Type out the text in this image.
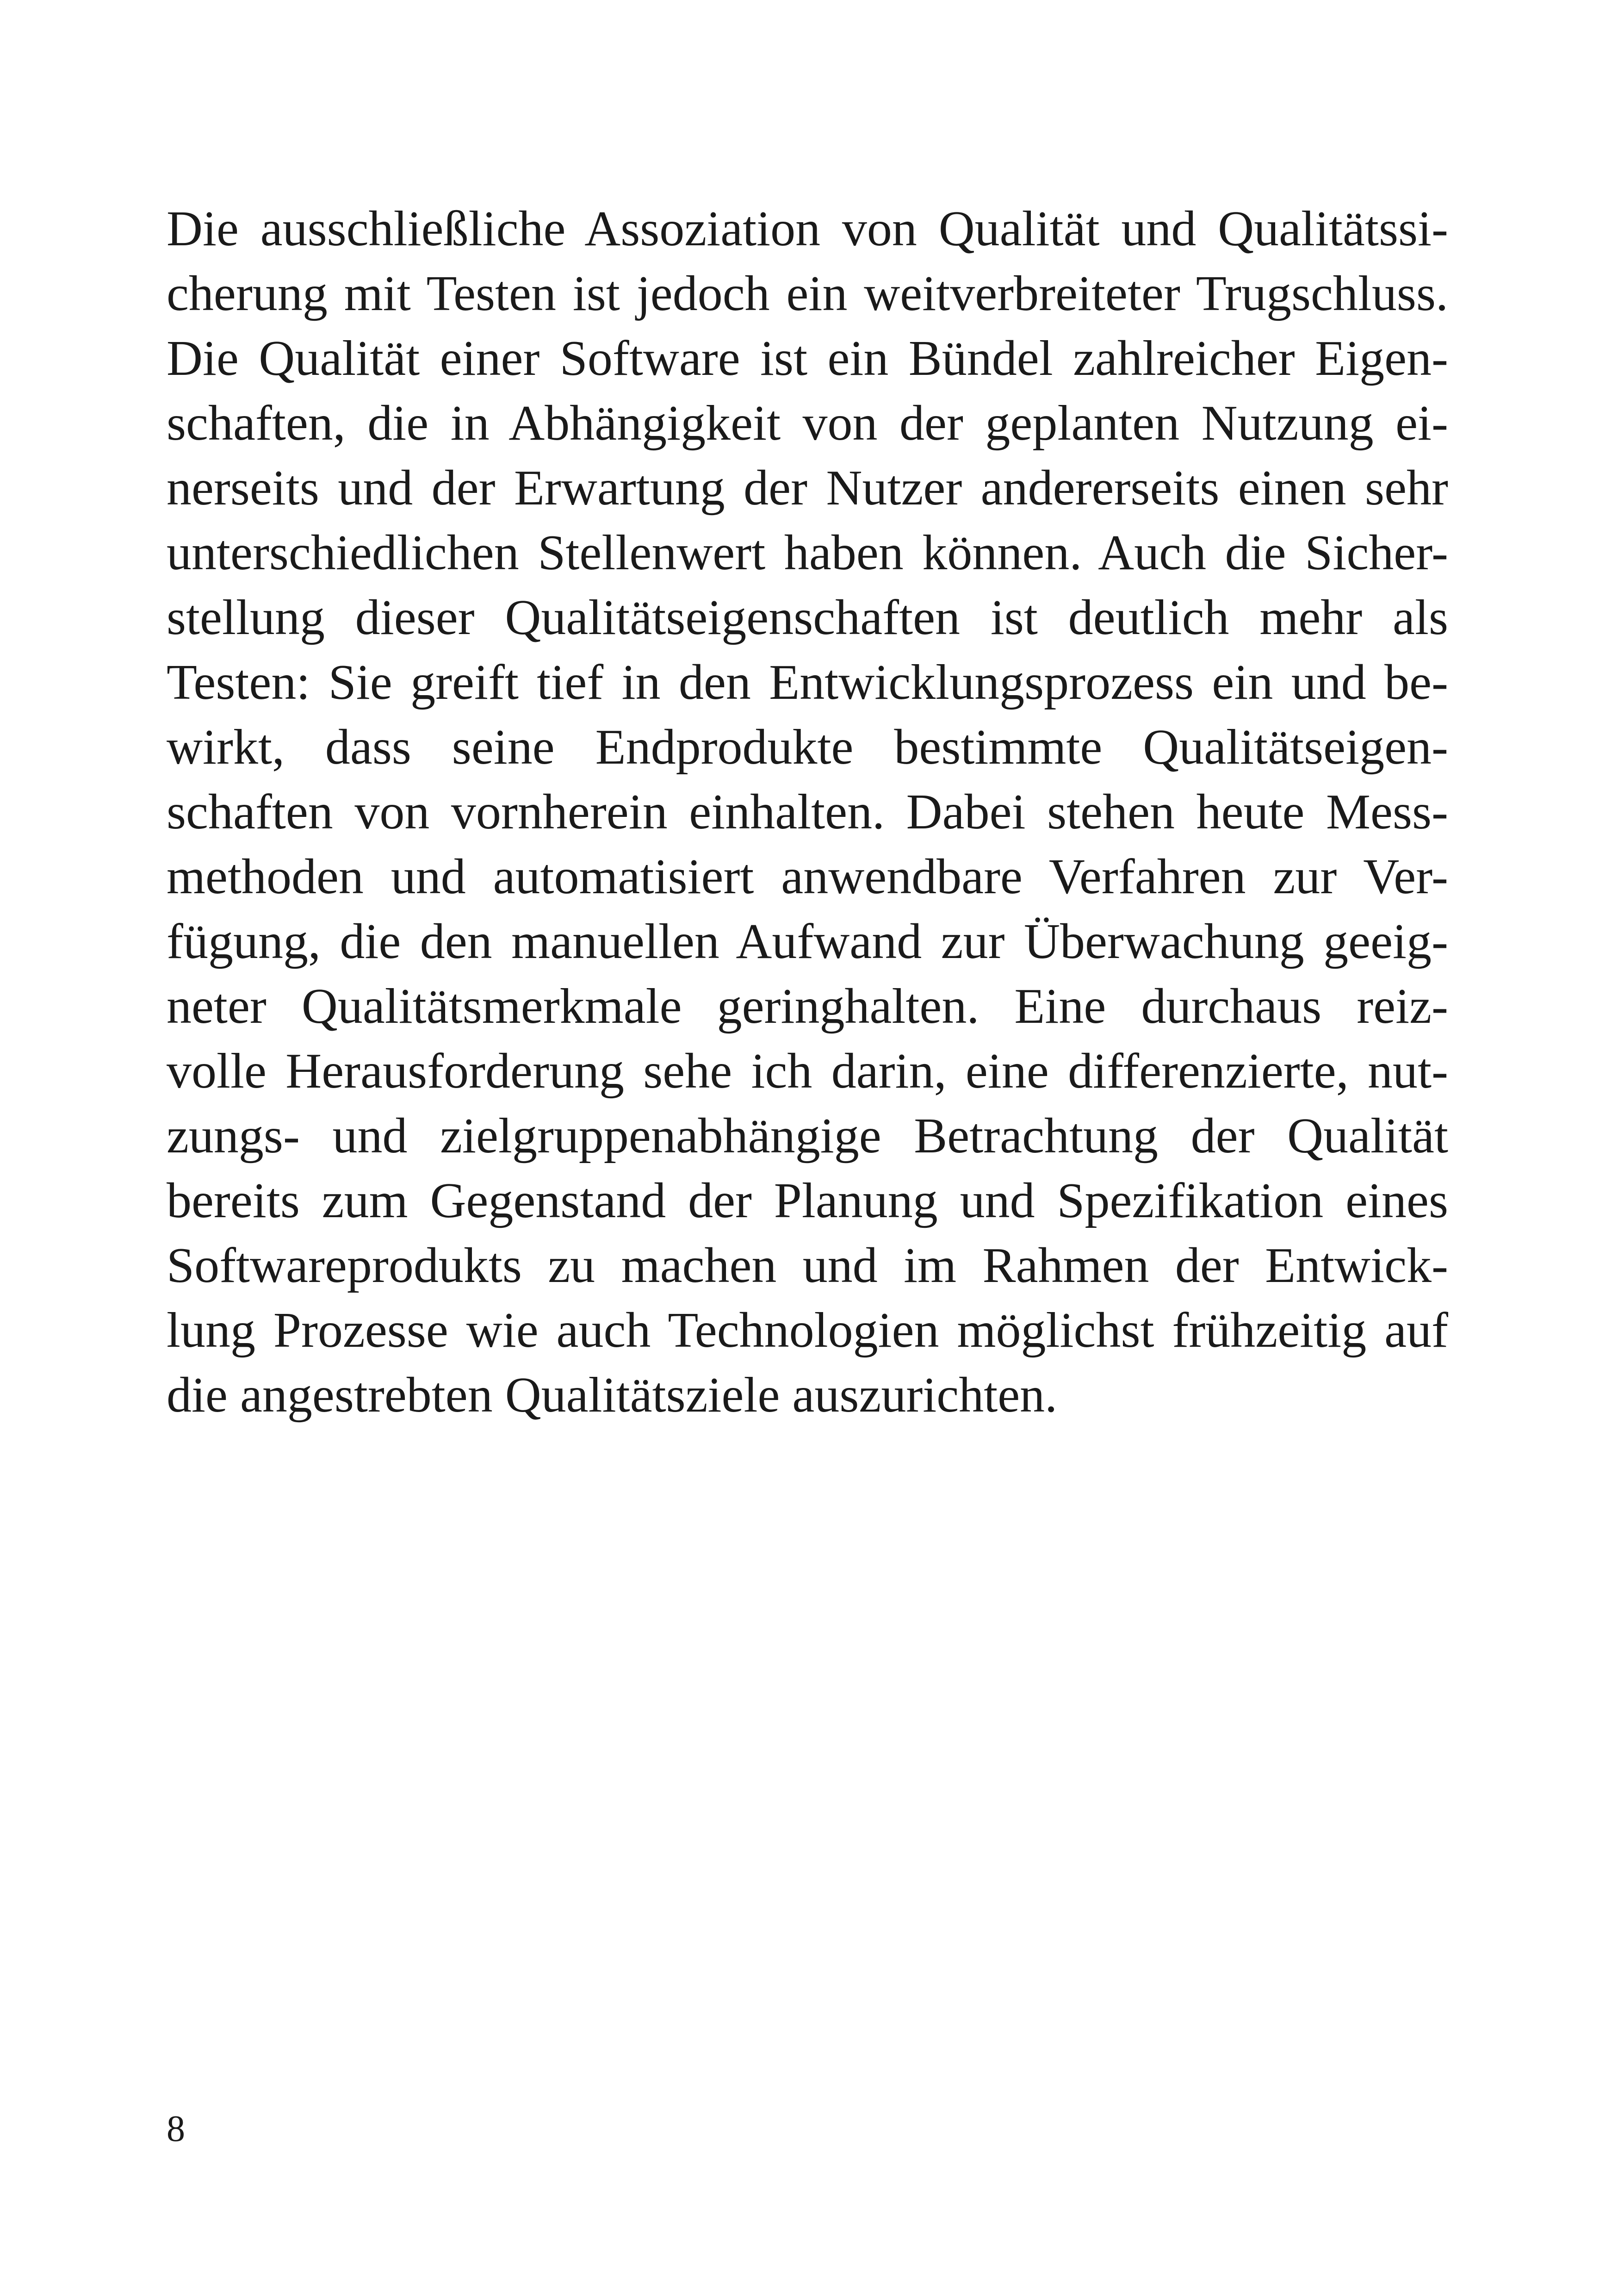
Die ausschließliche Assoziation von Qualität und Qualitätssi-
cherung mit Testen ist jedoch ein weitverbreiteter Trugschluss.
Die Qualität einer Software ist ein Bündel zahlreicher Eigen-
schaften, die in Abhängigkeit von der geplanten Nutzung ei-
nerseits und der Erwartung der Nutzer andererseits einen sehr
unterschiedlichen Stellenwert haben können. Auch die Sicher-
stellung dieser Qualitätseigenschaften ist deutlich mehr als
Testen: Sie greift tief in den Entwicklungsprozess ein und be-
wirkt, dass seine Endprodukte bestimmte Qualitätseigen-
schaften von vornherein einhalten. Dabei stehen heute Mess-
methoden und automatisiert anwendbare Verfahren zur Ver-
fügung, die den manuellen Aufwand zur Überwachung geeig-
neter Qualitätsmerkmale geringhalten. Eine durchaus reiz-
volle Herausforderung sehe ich darin, eine differenzierte, nut-
zungs- und zielgruppenabhängige Betrachtung der Qualität
bereits zum Gegenstand der Planung und Spezifikation eines
Softwareprodukts zu machen und im Rahmen der Entwick-
lung Prozesse wie auch Technologien möglichst frühzeitig auf
die angestrebten Qualitätsziele auszurichten.
8
